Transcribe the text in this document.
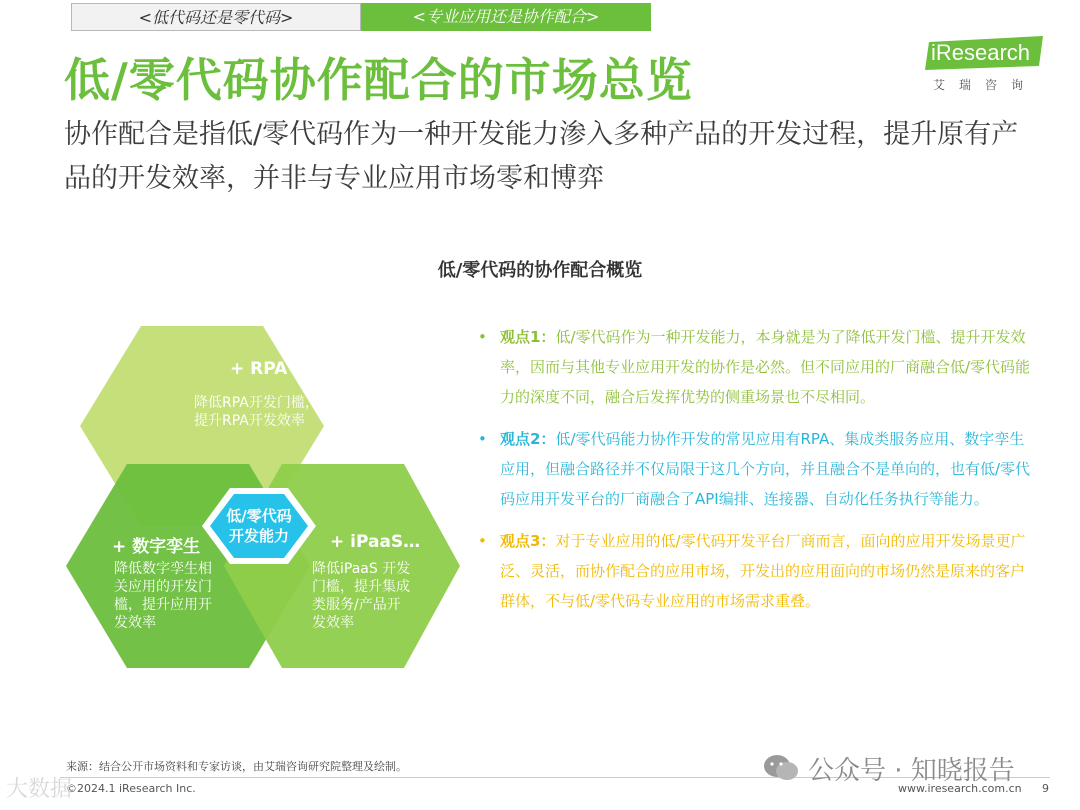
<低代码还是零代码>	<专业应用还是协作配合>
低/零代码协作配合的市场总览
协作配合是指低/零代码作为一种开发能力渗入多种产品的开发过程，提升原有产品的开发效率，并非与专业应用市场零和博弈
iResearch
艾瑞咨询
低/零代码的协作配合概览
+ RPA
降低RPA开发门槛，
提升RPA开发效率
+ 数字孪生
降低数字孪生相
关应用的开发门
槛，提升应用开
发效率
+ iPaaS…
降低iPaaS 开发
门槛，提升集成
类服务/产品开
发效率
低/零代码
开发能力
• 观点1：低/零代码作为一种开发能力，本身就是为了降低开发门槛、提升开发效率，因而与其他专业应用开发的协作是必然。但不同应用的厂商融合低/零代码能力的深度不同，融合后发挥优势的侧重场景也不尽相同。
• 观点2：低/零代码能力协作开发的常见应用有RPA、集成类服务应用、数字孪生应用，但融合路径并不仅局限于这几个方向，并且融合不是单向的，也有低/零代码应用开发平台的厂商融合了API编排、连接器、自动化任务执行等能力。
• 观点3：对于专业应用的低/零代码开发平台厂商而言，面向的应用开发场景更广泛、灵活，而协作配合的应用市场，开发出的应用面向的市场仍然是原来的客户群体，不与低/零代码专业应用的市场需求重叠。
来源：结合公开市场资料和专家访谈，由艾瑞咨询研究院整理及绘制。
©2024.1 iResearch Inc.	www.iresearch.com.cn 9
公众号 · 知晓报告
大数据
